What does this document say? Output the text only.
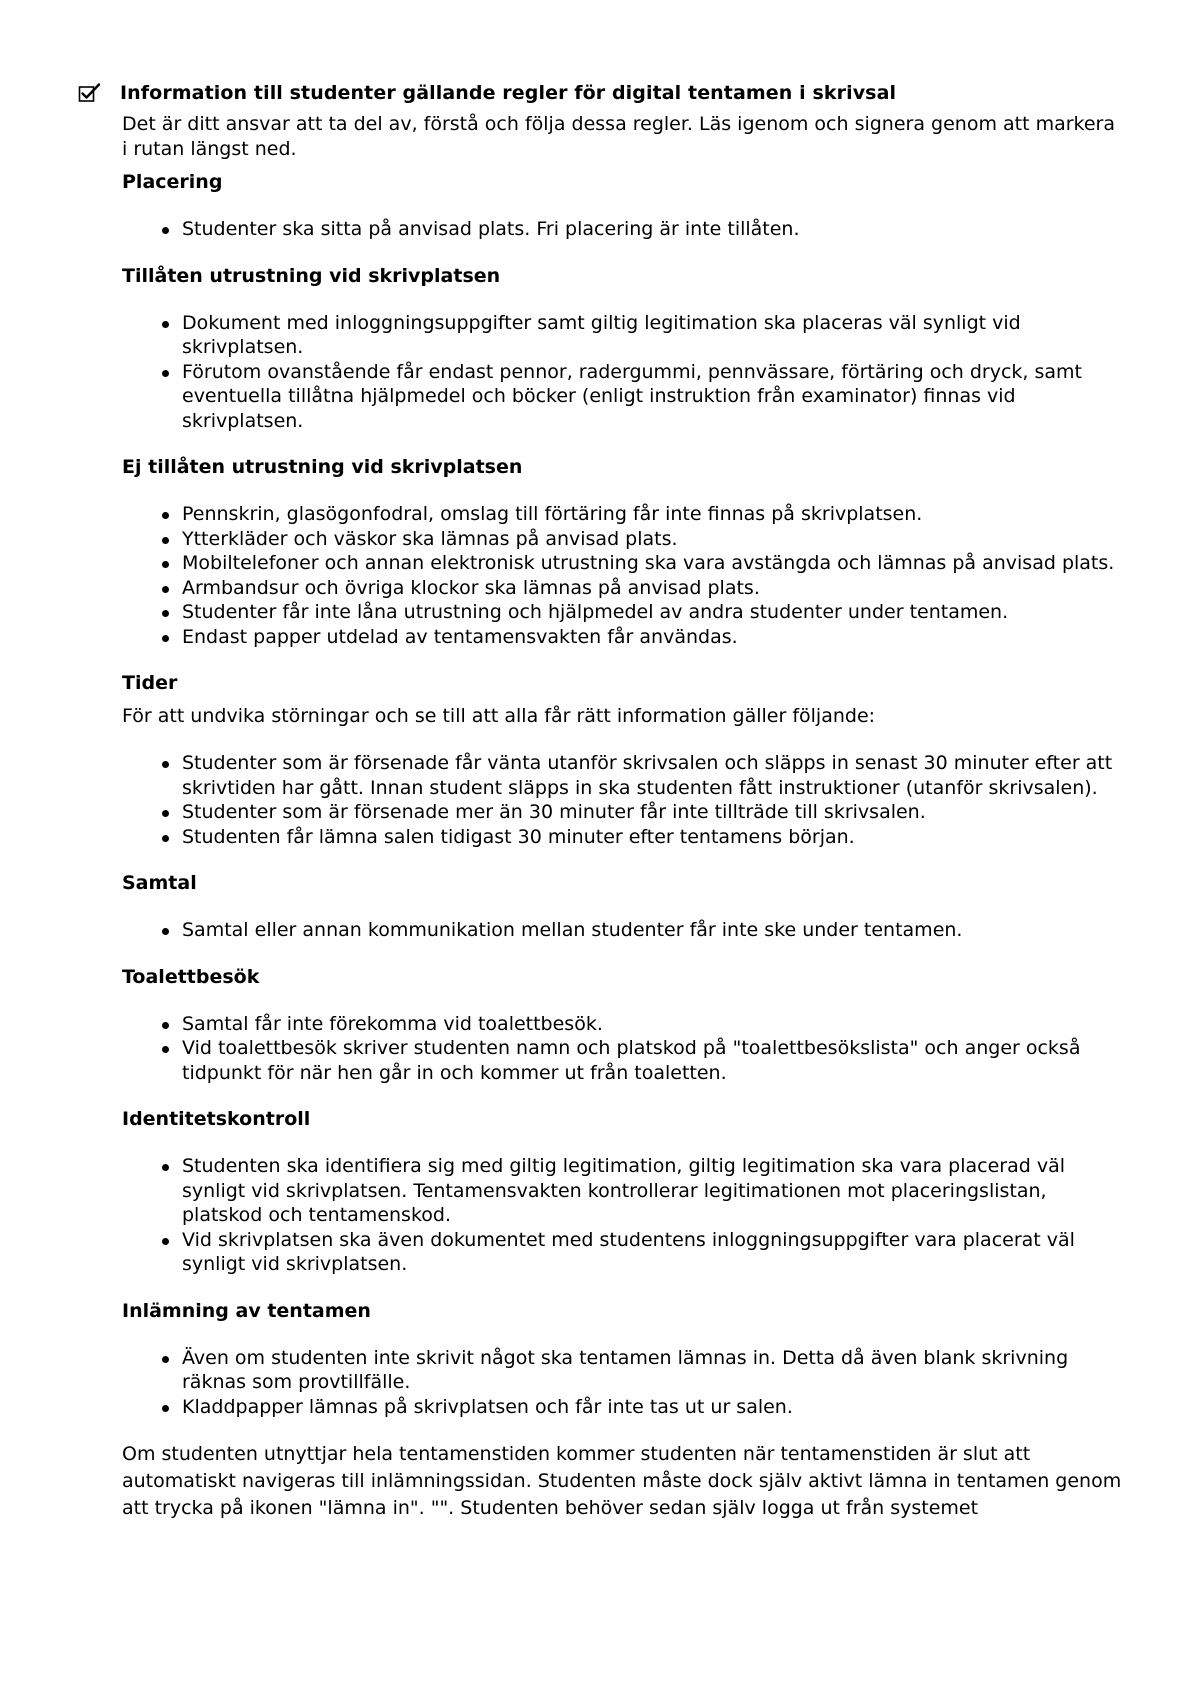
Information till studenter gällande regler för digital tentamen i skrivsal

Det är ditt ansvar att ta del av, förstå och följa dessa regler. Läs igenom och signera genom att markera i rutan längst ned.

Placering
Studenter ska sitta på anvisad plats. Fri placering är inte tillåten.
Tillåten utrustning vid skrivplatsen
Dokument med inloggningsuppgifter samt giltig legitimation ska placeras väl synligt vid skrivplatsen.
Förutom ovanstående får endast pennor, radergummi, pennvässare, förtäring och dryck, samt eventuella tillåtna hjälpmedel och böcker (enligt instruktion från examinator) finnas vid skrivplatsen.
Ej tillåten utrustning vid skrivplatsen
Pennskrin, glasögonfodral, omslag till förtäring får inte finnas på skrivplatsen.
Ytterkläder och väskor ska lämnas på anvisad plats.
Mobiltelefoner och annan elektronisk utrustning ska vara avstängda och lämnas på anvisad plats.
Armbandsur och övriga klockor ska lämnas på anvisad plats.
Studenter får inte låna utrustning och hjälpmedel av andra studenter under tentamen.
Endast papper utdelad av tentamensvakten får användas.
Tider

För att undvika störningar och se till att alla får rätt information gäller följande:

Studenter som är försenade får vänta utanför skrivsalen och släpps in senast 30 minuter efter att skrivtiden har gått. Innan student släpps in ska studenten fått instruktioner (utanför skrivsalen).
Studenter som är försenade mer än 30 minuter får inte tillträde till skrivsalen.
Studenten får lämna salen tidigast 30 minuter efter tentamens början.
Samtal
Samtal eller annan kommunikation mellan studenter får inte ske under tentamen.
Toalettbesök
Samtal får inte förekomma vid toalettbesök.
Vid toalettbesök skriver studenten namn och platskod på "toalettbesökslista" och anger också tidpunkt för när hen går in och kommer ut från toaletten.
Identitetskontroll
Studenten ska identifiera sig med giltig legitimation, giltig legitimation ska vara placerad väl synligt vid skrivplatsen. Tentamensvakten kontrollerar legitimationen mot placeringslistan, platskod och tentamenskod.
Vid skrivplatsen ska även dokumentet med studentens inloggningsuppgifter vara placerat väl synligt vid skrivplatsen.
Inlämning av tentamen
Även om studenten inte skrivit något ska tentamen lämnas in. Detta då även blank skrivning räknas som provtillfälle.
Kladdpapper lämnas på skrivplatsen och får inte tas ut ur salen.

Om studenten utnyttjar hela tentamenstiden kommer studenten när tentamenstiden är slut att automatiskt navigeras till inlämningssidan. Studenten måste dock själv aktivt lämna in tentamen genom att trycka på ikonen "lämna in". "". Studenten behöver sedan själv logga ut från systemet
